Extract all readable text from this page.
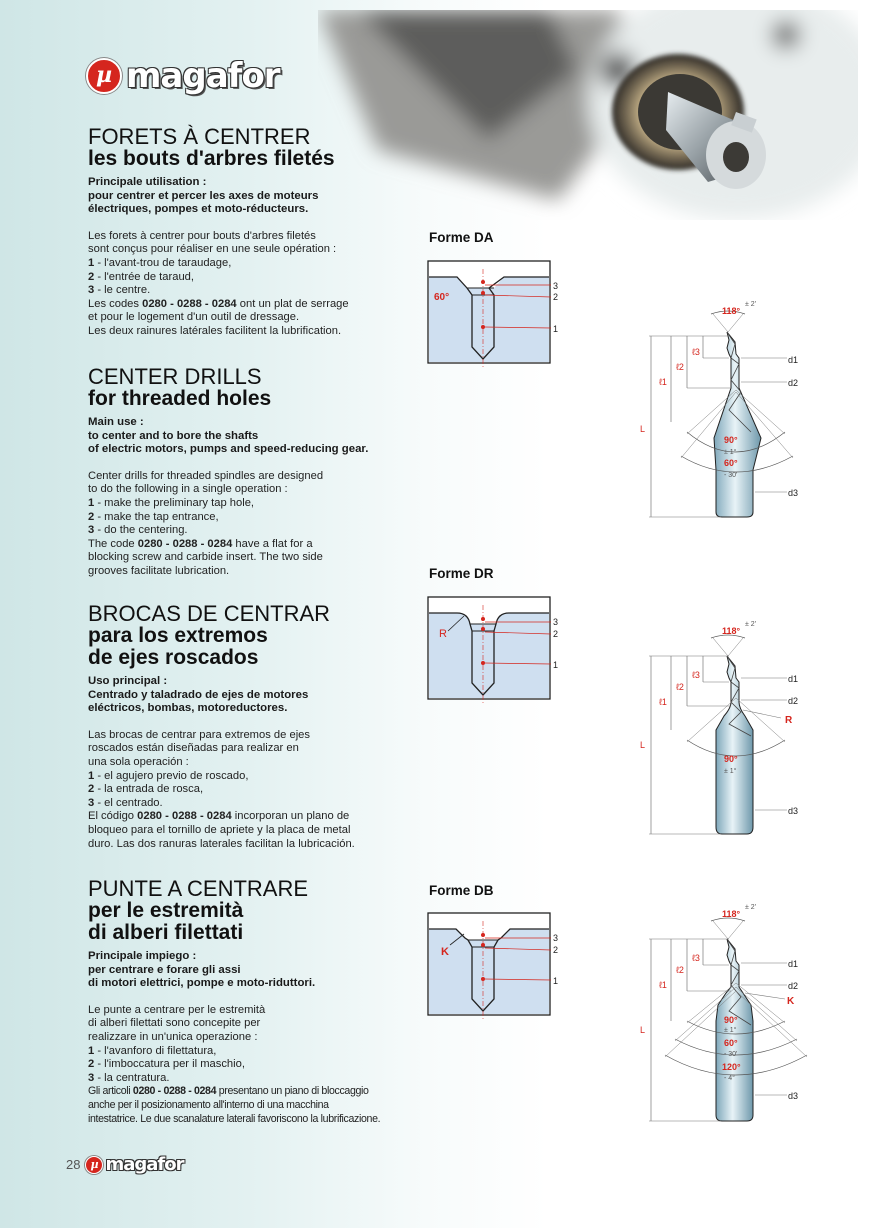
µ magafor
FORETS À CENTRER
les bouts d'arbres filetés
Principale utilisation :
pour centrer et percer les axes de moteurs
électriques, pompes et moto-réducteurs.
Les forets à centrer pour bouts d'arbres filetés
sont conçus pour réaliser en une seule opération :
1 - l'avant-trou de taraudage,
2 - l'entrée de taraud,
3 - le centre.
Les codes 0280 - 0288 - 0284 ont un plat de serrage
et pour le logement d'un outil de dressage.
Les deux rainures latérales facilitent la lubrification.
CENTER DRILLS
for threaded holes
Main use :
to center and to bore the shafts
of electric motors, pumps and speed-reducing gear.
Center drills for threaded spindles are designed
to do the following in a single operation :
1 - make the preliminary tap hole,
2 - make the tap entrance,
3 - do the centering.
The code 0280 - 0288 - 0284 have a flat for a
blocking screw and carbide insert. The two side
grooves facilitate lubrication.
BROCAS DE CENTRAR
para los extremos
de ejes roscados
Uso principal :
Centrado y taladrado de ejes de motores
eléctricos, bombas, motoreductores.
Las brocas de centrar para extremos de ejes
roscados están diseñadas para realizar en
una sola operación :
1 - el agujero previo de roscado,
2 - la entrada de rosca,
3 - el centrado.
El código 0280 - 0288 - 0284 incorporan un plano de
bloqueo para el tornillo de apriete y la placa de metal
duro. Las dos ranuras laterales facilitan la lubricación.
PUNTE A CENTRARE
per le estremità
di alberi filettati
Principale impiego :
per centrare e forare gli assi
di motori elettrici, pompe e moto-riduttori.
Le punte a centrare per le estremità
di alberi filettati sono concepite per
realizzare in un'unica operazione :
1 - l'avanforo di filettatura,
2 - l'imboccatura per il maschio,
3 - la centratura.
Gli articoli 0280 - 0288 - 0284 presentano un piano di bloccaggio
anche per il posizionamento all'interno di una macchina
intestatrice. Le due scanalature laterali favoriscono la lubrificazione.
Forme DA
Forme DR
Forme DB
3
2
1
60°
3
2
1
R
3
2
1
K
L
ℓ1
ℓ2
ℓ3
118°
± 2'
d1
d2
d3
90°
± 1°
60°
- 30'
L
ℓ1
ℓ2
ℓ3
118°
± 2'
d1
d2
R
d3
90°
± 1°
L
ℓ1
ℓ2
ℓ3
118°
± 2'
d1
d2
K
d3
90°
± 1°
60°
- 30'
120°
- 4°
28 µ magafor
